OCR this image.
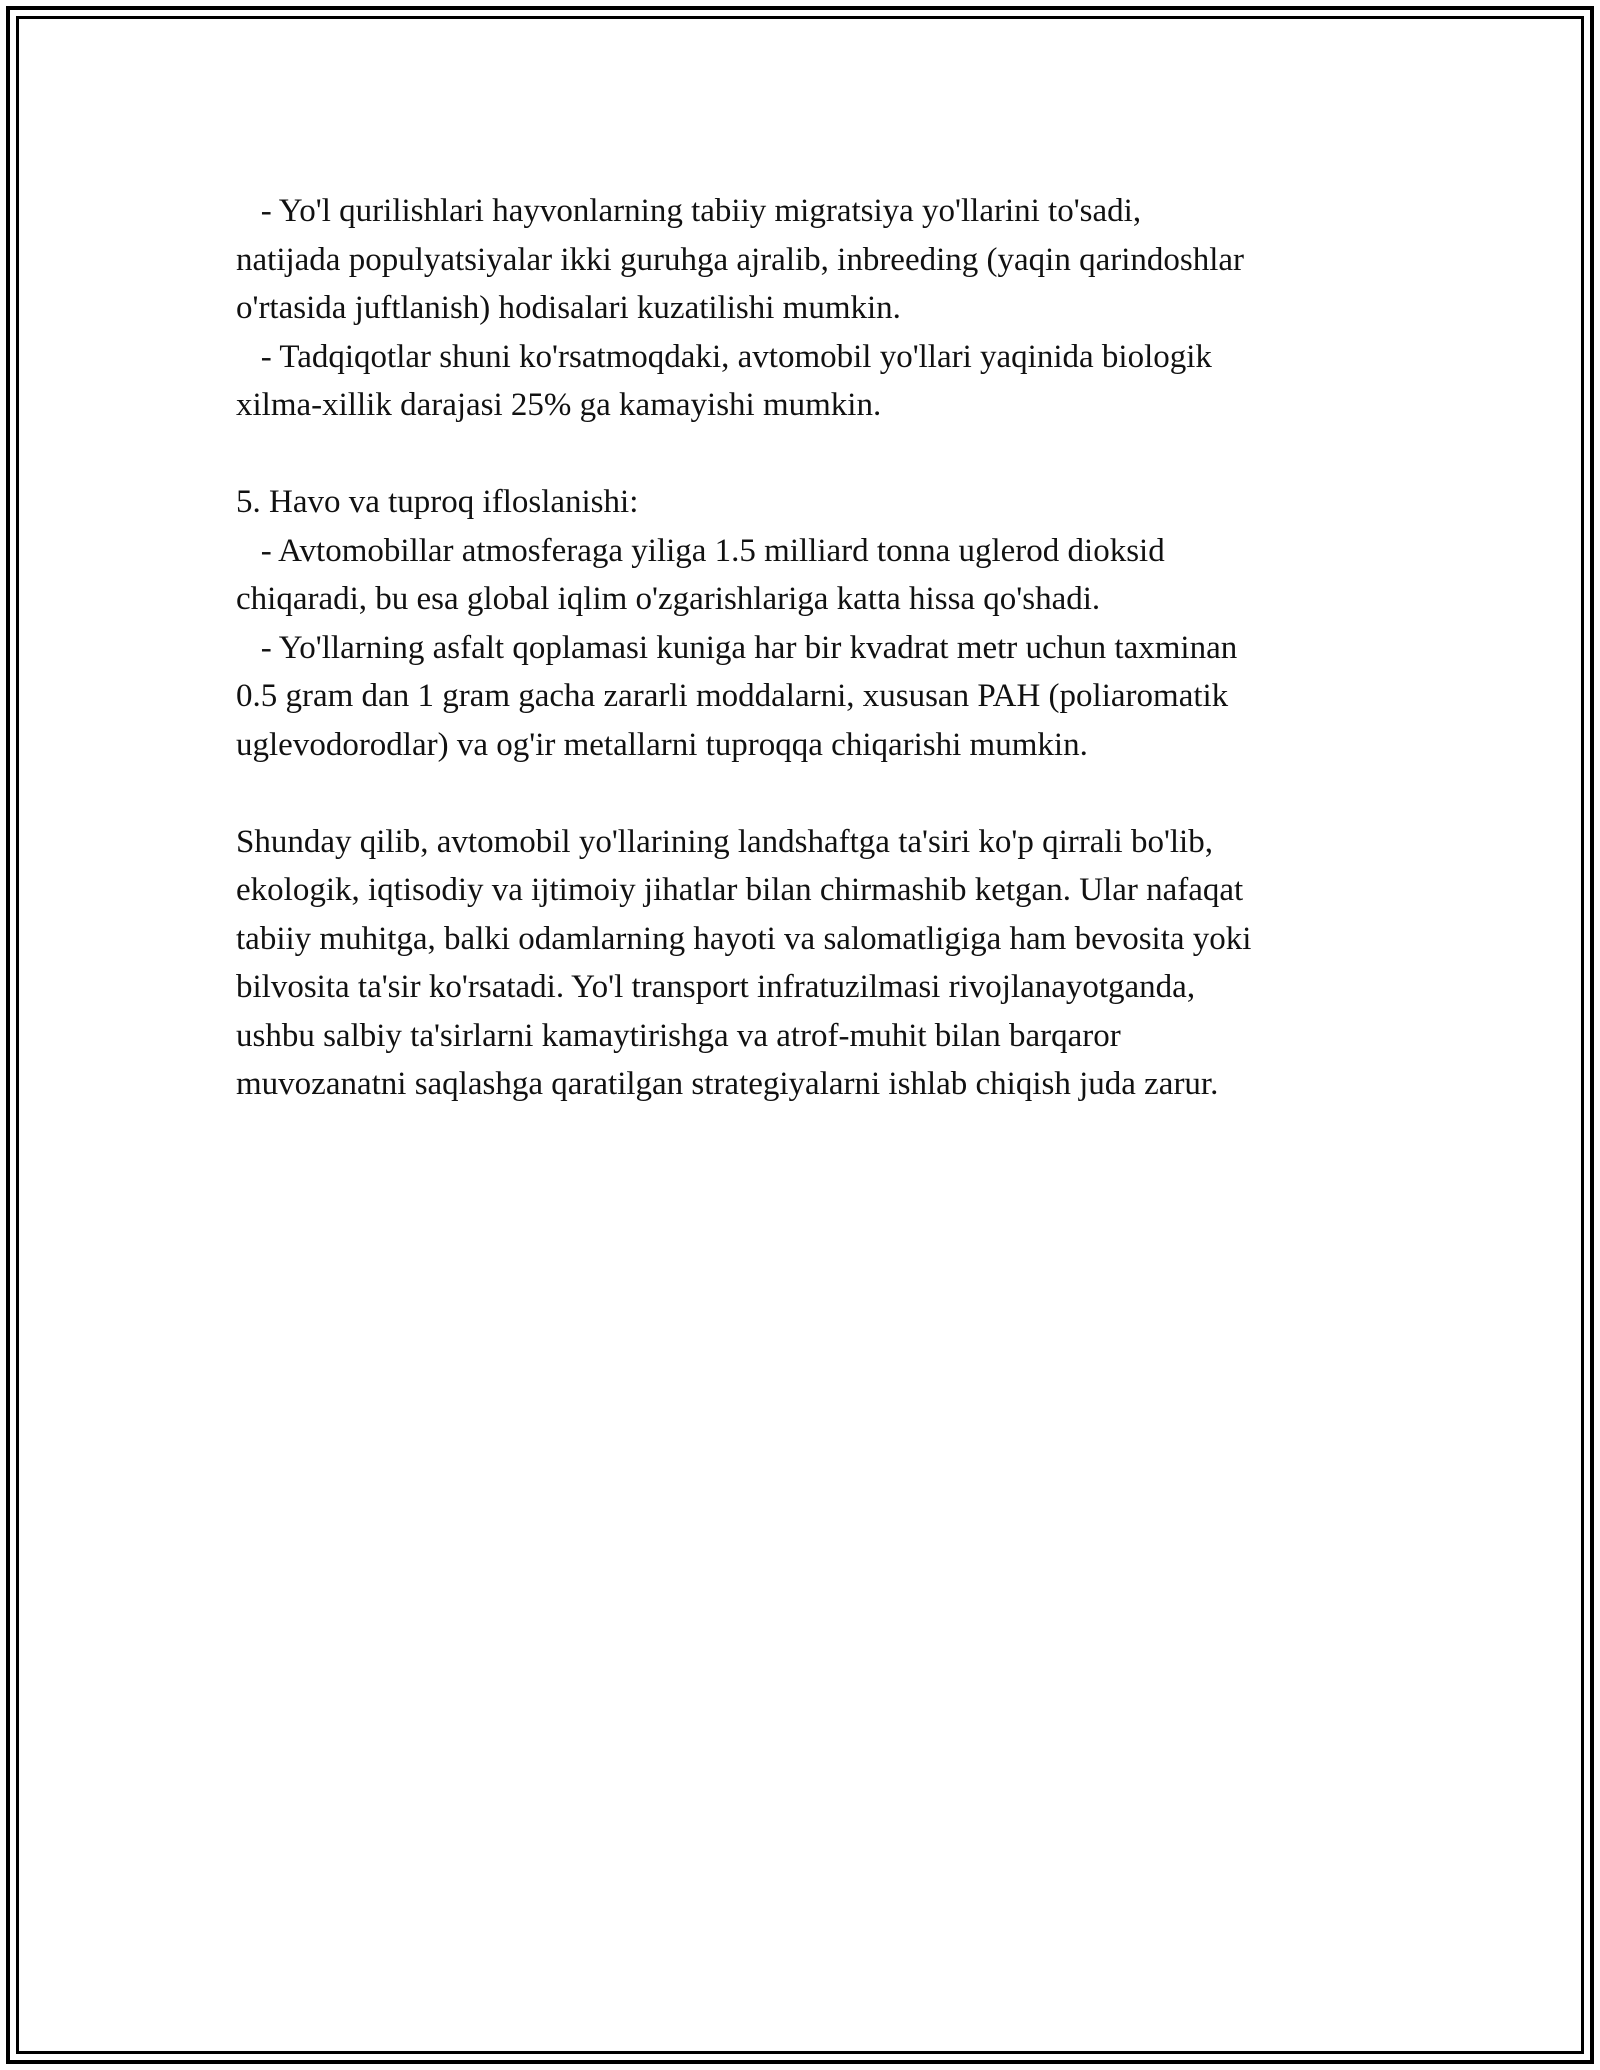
- Yo'l qurilishlari hayvonlarning tabiiy migratsiya yo'llarini to'sadi,
natijada populyatsiyalar ikki guruhga ajralib, inbreeding (yaqin qarindoshlar
o'rtasida juftlanish) hodisalari kuzatilishi mumkin.
- Tadqiqotlar shuni ko'rsatmoqdaki, avtomobil yo'llari yaqinida biologik
xilma-xillik darajasi 25% ga kamayishi mumkin.
5. Havo va tuproq ifloslanishi:
- Avtomobillar atmosferaga yiliga 1.5 milliard tonna uglerod dioksid
chiqaradi, bu esa global iqlim o'zgarishlariga katta hissa qo'shadi.
- Yo'llarning asfalt qoplamasi kuniga har bir kvadrat metr uchun taxminan
0.5 gram dan 1 gram gacha zararli moddalarni, xususan PAH (poliaromatik
uglevodorodlar) va og'ir metallarni tuproqqa chiqarishi mumkin.
Shunday qilib, avtomobil yo'llarining landshaftga ta'siri ko'p qirrali bo'lib,
ekologik, iqtisodiy va ijtimoiy jihatlar bilan chirmashib ketgan. Ular nafaqat
tabiiy muhitga, balki odamlarning hayoti va salomatligiga ham bevosita yoki
bilvosita ta'sir ko'rsatadi. Yo'l transport infratuzilmasi rivojlanayotganda,
ushbu salbiy ta'sirlarni kamaytirishga va atrof-muhit bilan barqaror
muvozanatni saqlashga qaratilgan strategiyalarni ishlab chiqish juda zarur.
